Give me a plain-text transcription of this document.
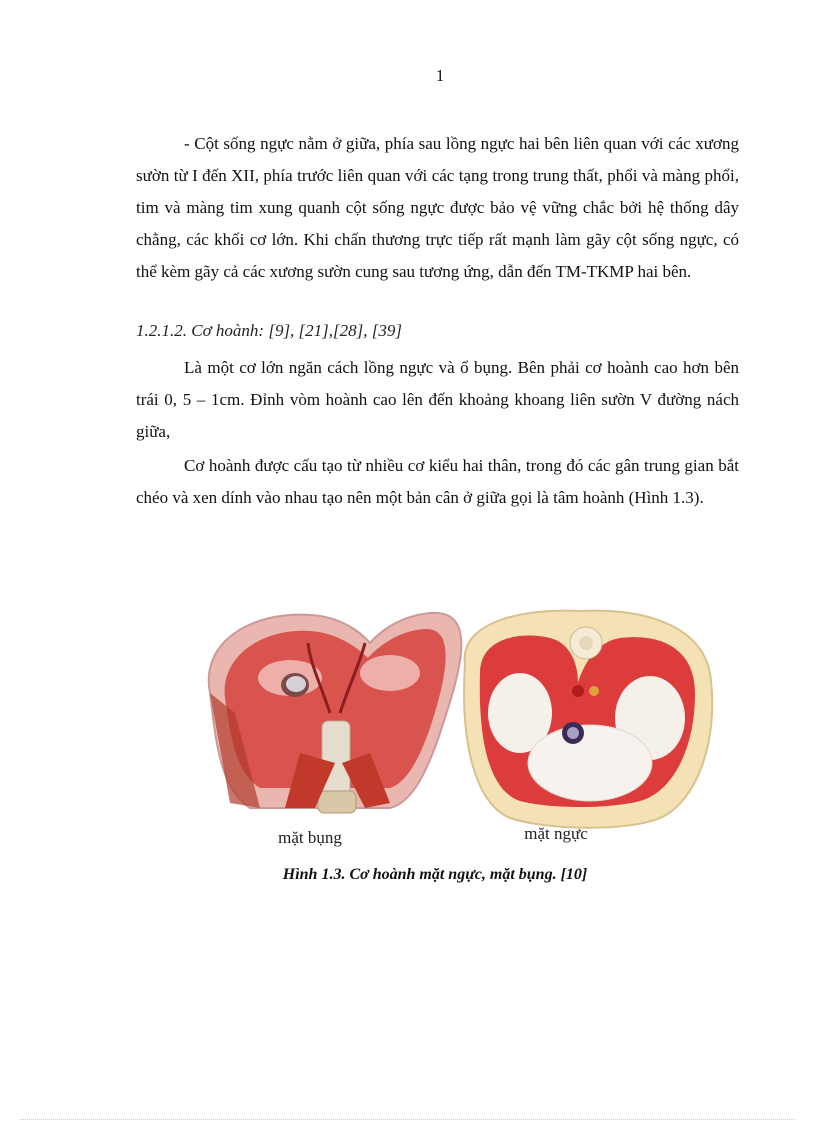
1

- Cột sống ngực nằm ở giữa, phía sau lồng ngực hai bên liên quan với các xương sườn từ I đến XII, phía trước liên quan với các tạng trong trung thất, phổi và màng phổi, tim và màng tim xung quanh cột sống ngực được bảo vệ vững chắc bởi hệ thống dây chằng, các khối cơ lớn. Khi chấn thương trực tiếp rất mạnh làm gãy cột sống ngực, có thể kèm gãy cả các xương sườn cung sau tương ứng, dẫn đến TM-TKMP hai bên.

1.2.1.2. Cơ hoành: [9], [21],[28], [39]

Là một cơ lớn ngăn cách lồng ngực và ổ bụng. Bên phải cơ hoành cao hơn bên trái 0, 5 – 1cm. Đỉnh vòm hoành cao lên đến khoảng khoang liên sườn V đường nách giữa,

Cơ hoành được cấu tạo từ nhiều cơ kiểu hai thân, trong đó các gân trung gian bắt chéo và xen dính vào nhau tạo nên một bản cân ở giữa gọi là tâm hoành (Hình 1.3).

mặt bụng	mặt ngực
Hình 1.3. Cơ hoành mặt ngực, mặt bụng. [10]
